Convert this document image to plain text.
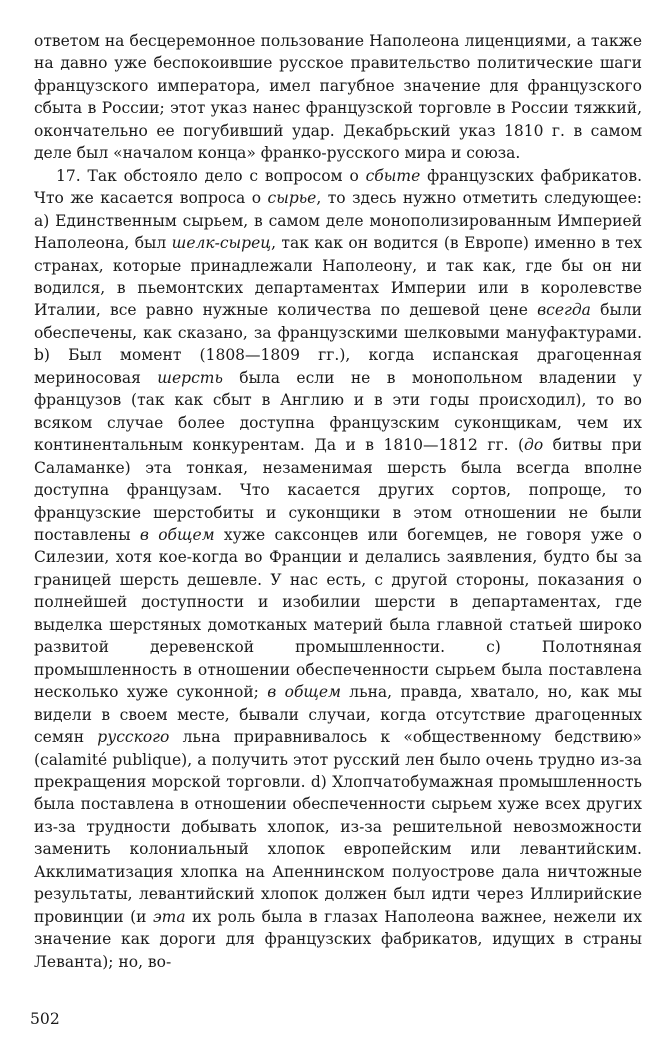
ответом на бесцеремонное пользование Наполеона лиценциями, а также на давно уже беспокоившие русское правительство политические шаги французского императора, имел пагубное значение для французского сбыта в России; этот указ нанес французской торговле в России тяжкий, окончательно ее погубивший удар. Декабрьский указ 1810 г. в самом деле был «началом конца» франко-русского мира и союза.

17. Так обстояло дело с вопросом о сбыте французских фабрикатов. Что же касается вопроса о сырье, то здесь нужно отметить следующее: a) Единственным сырьем, в самом деле монополизированным Империей Наполеона, был шелк-сырец, так как он водится (в Европе) именно в тех странах, которые принадлежали Наполеону, и так как, где бы он ни водился, в пьемонтских департаментах Империи или в королевстве Италии, все равно нужные количества по дешевой цене всегда были обеспечены, как сказано, за французскими шелковыми мануфактурами. b) Был момент (1808—1809 гг.), когда испанская драгоценная мериносовая шерсть была если не в монопольном владении у французов (так как сбыт в Англию и в эти годы происходил), то во всяком случае более доступна французским суконщикам, чем их континентальным конкурентам. Да и в 1810—1812 гг. (до битвы при Саламанке) эта тонкая, незаменимая шерсть была всегда вполне доступна французам. Что касается других сортов, попроще, то французские шерстобиты и суконщики в этом отношении не были поставлены в общем хуже саксонцев или богемцев, не говоря уже о Силезии, хотя кое-когда во Франции и делались заявления, будто бы за границей шерсть дешевле. У нас есть, с другой стороны, показания о полнейшей доступности и изобилии шерсти в департаментах, где выделка шерстяных домотканых материй была главной статьей широко развитой деревенской промышленности. c) Полотняная промышленность в отношении обеспеченности сырьем была поставлена несколько хуже суконной; в общем льна, правда, хватало, но, как мы видели в своем месте, бывали случаи, когда отсутствие драгоценных семян русского льна приравнивалось к «общественному бедствию» (calamité publique), а получить этот русский лен было очень трудно из-за прекращения морской торговли. d) Хлопчатобумажная промышленность была поставлена в отношении обеспеченности сырьем хуже всех других из-за трудности добывать хлопок, из-за решительной невозможности заменить колониальный хлопок европейским или левантийским. Акклиматизация хлопка на Апеннинском полуострове дала ничтожные результаты, левантийский хлопок должен был идти через Иллирийские провинции (и эта их роль была в глазах Наполеона важнее, нежели их значение как дороги для французских фабрикатов, идущих в страны Леванта); но, во-

502
